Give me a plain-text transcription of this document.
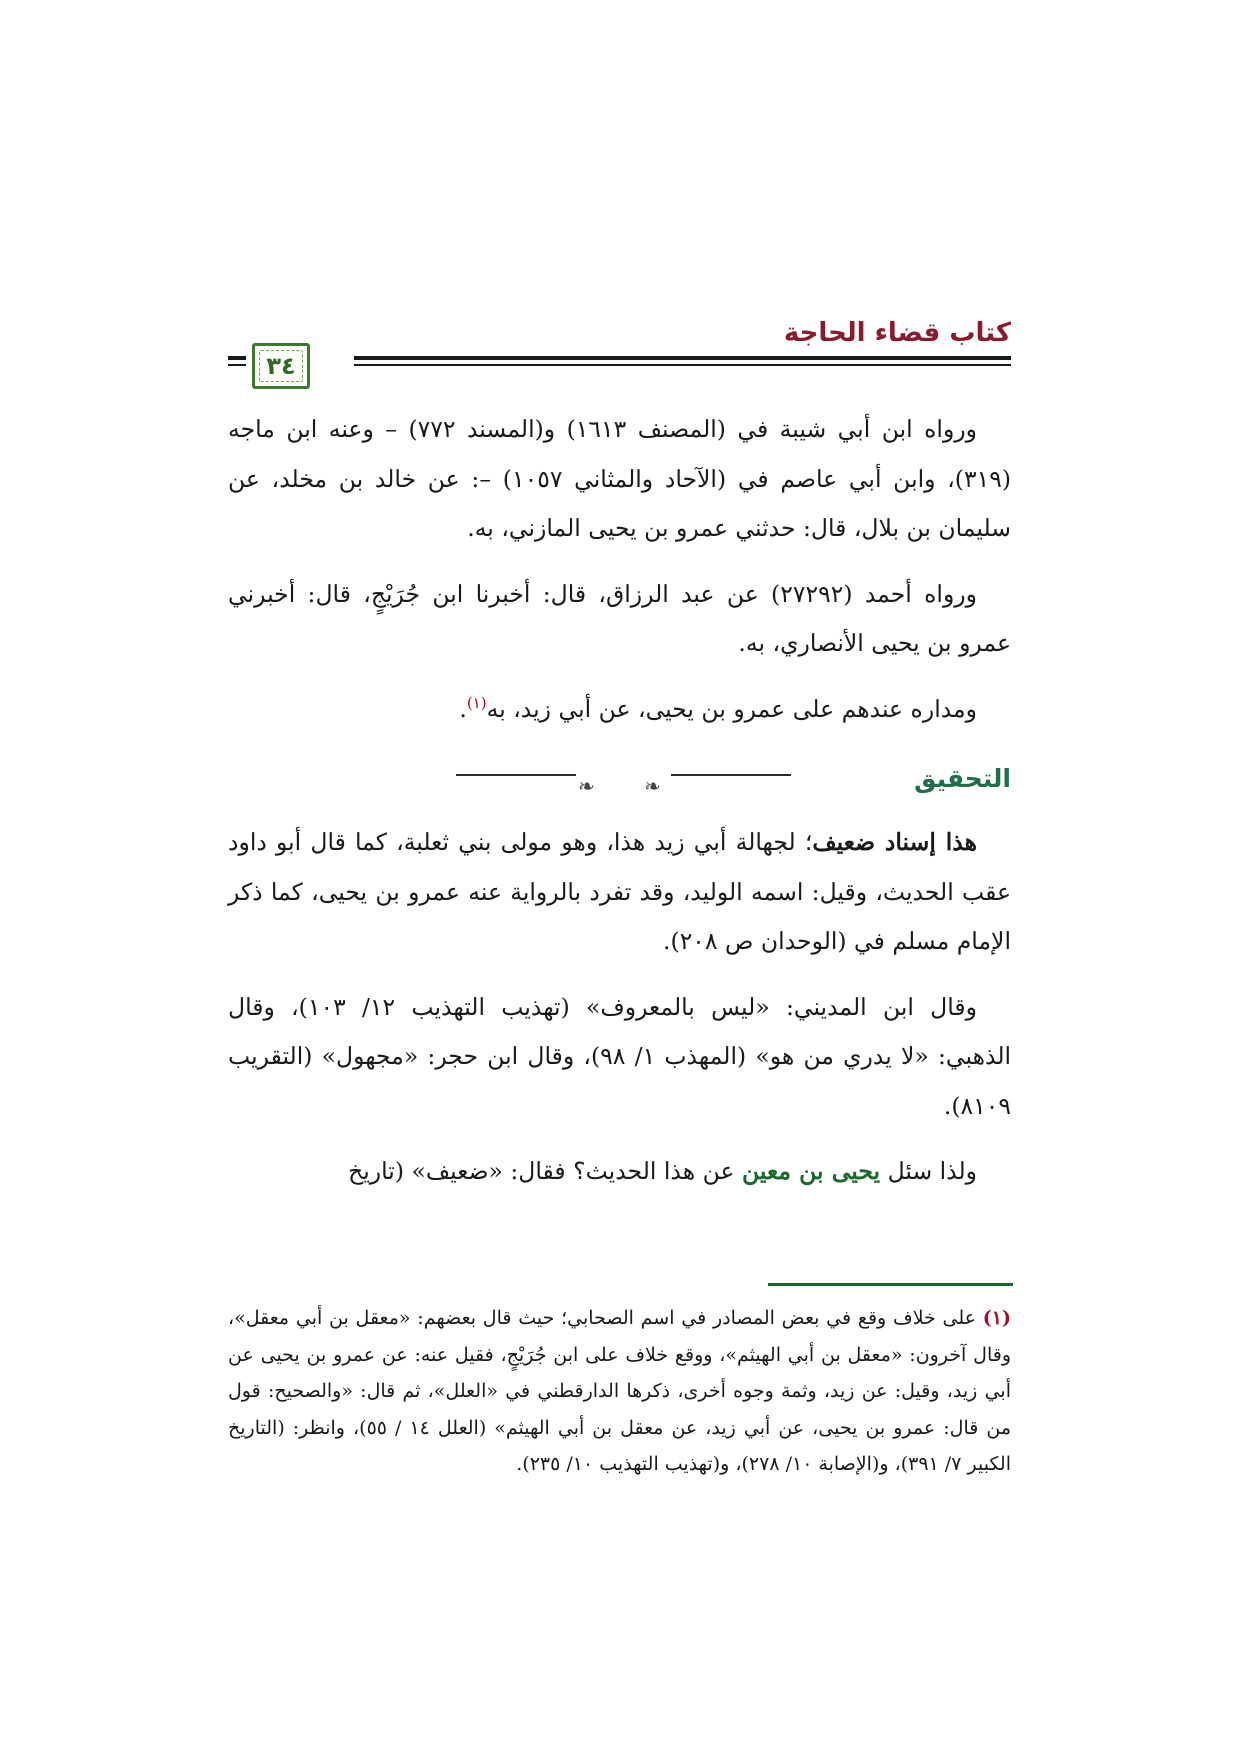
كتاب قضاء الحاجة
٣٤

ورواه ابن أبي شيبة في (المصنف ١٦١٣) و(المسند ٧٧٢) – وعنه ابن ماجه (٣١٩)، وابن أبي عاصم في (الآحاد والمثاني ١٠٥٧) –: عن خالد بن مخلد، عن سليمان بن بلال، قال: حدثني عمرو بن يحيى المازني، به.

ورواه أحمد (٢٧٢٩٢) عن عبد الرزاق، قال: أخبرنا ابن جُرَيْجٍ، قال: أخبرني عمرو بن يحيى الأنصاري، به.

ومداره عندهم على عمرو بن يحيى، عن أبي زيد، به$^{(١)}$.

❧	التحقيق
❧

هذا إسناد ضعيف؛ لجهالة أبي زيد هذا، وهو مولى بني ثعلبة، كما قال أبو داود عقب الحديث، وقيل: اسمه الوليد، وقد تفرد بالرواية عنه عمرو بن يحيى، كما ذكر الإمام مسلم في (الوحدان ص ٢٠٨).

وقال ابن المديني: «ليس بالمعروف» (تهذيب التهذيب ١٢/ ١٠٣)، وقال الذهبي: «لا يدري من هو» (المهذب ١/ ٩٨)، وقال ابن حجر: «مجهول» (التقريب ٨١٠٩).

ولذا سئل يحيى بن معين عن هذا الحديث؟ فقال: «ضعيف» (تاريخ

(١) على خلاف وقع في بعض المصادر في اسم الصحابي؛ حيث قال بعضهم: «معقل بن أبي معقل»، وقال آخرون: «معقل بن أبي الهيثم»، ووقع خلاف على ابن جُرَيْجٍ، فقيل عنه: عن عمرو بن يحيى عن أبي زيد، وقيل: عن زيد، وثمة وجوه أخرى، ذكرها الدارقطني في «العلل»، ثم قال: «والصحيح: قول من قال: عمرو بن يحيى، عن أبي زيد، عن معقل بن أبي الهيثم» (العلل ١٤ / ٥٥)، وانظر: (التاريخ الكبير ٧/ ٣٩١)، و(الإصابة ١٠/ ٢٧٨)، و(تهذيب التهذيب ١٠/ ٢٣٥).
